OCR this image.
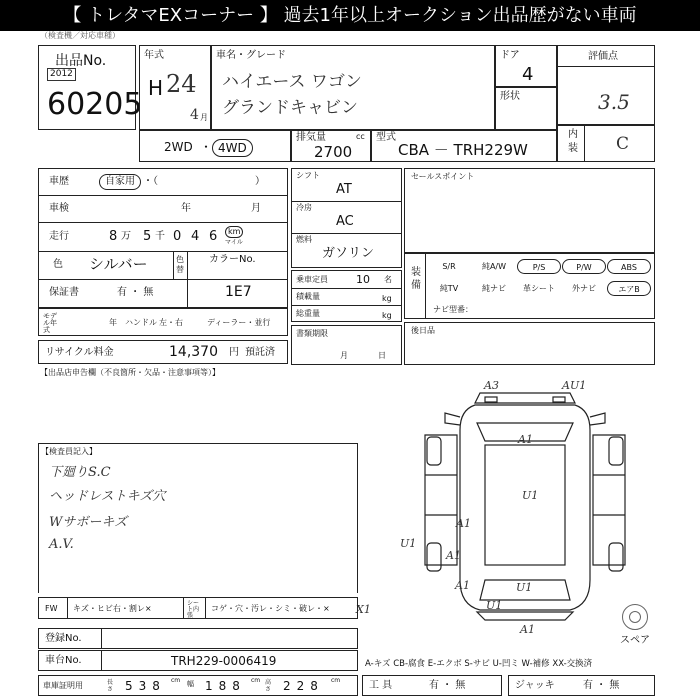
【 トレタマEXコーナー 】 過去1年以上オークション出品歴がない車両
（検査機／対応車種）
出品No.
2012
60205
年式
H 24
4 月
車名・グレード
ハイエース ワゴン
グランドキャビン
ドア
4
形状
評価点
3.5
内
装 C
2WD ・ 4WD
排気量	cc
2700
型式
CBA － TRH229W
車歴	自家用 ・（	）
車検	年	月
走行	8 万 5 千 0 4 6	km
マイル
色 シルバー	色替
カラーNo.
保証書	有 ・ 無	1E7
モデル年式
年 ハンドル 左・右	ディーラー・並行
リサイクル料金	14,370 円 預託済
シフト
AT
冷房
AC
燃料
ガソリン
乗車定員	10 名
積載量	kg
総重量	kg
書類期限
月	日
セールスポイント
装備
S/R	純A/W	P/S	P/W	ABS
純TV	純ナビ	革シート	外ナビ	エアB
ナビ型番：
後日品
【出品店申告欄（不良箇所・欠品・注意事項等）】
【検査員記入】
下廻りS.C
ヘッドレストキズ穴
Wサボーキズ
A.V.
A3	AU1
A1
U1
A1
A1
A1
U1
U1
U1
A1
X1
スペア
FW キズ・ヒビ右・割レ×
シート内張
コゲ・穴・汚レ・シミ・破レ・×
登録No.
車台No.	TRH229-0006419	A-キズ CB-腐食 E-エクボ S-サビ U-凹ミ W-補修 XX-交換済
車庫証明用	長さ 538 cm 幅 188 cm 高さ 228 cm	工 具	有 ・ 無	ジャッキ	有 ・ 無
